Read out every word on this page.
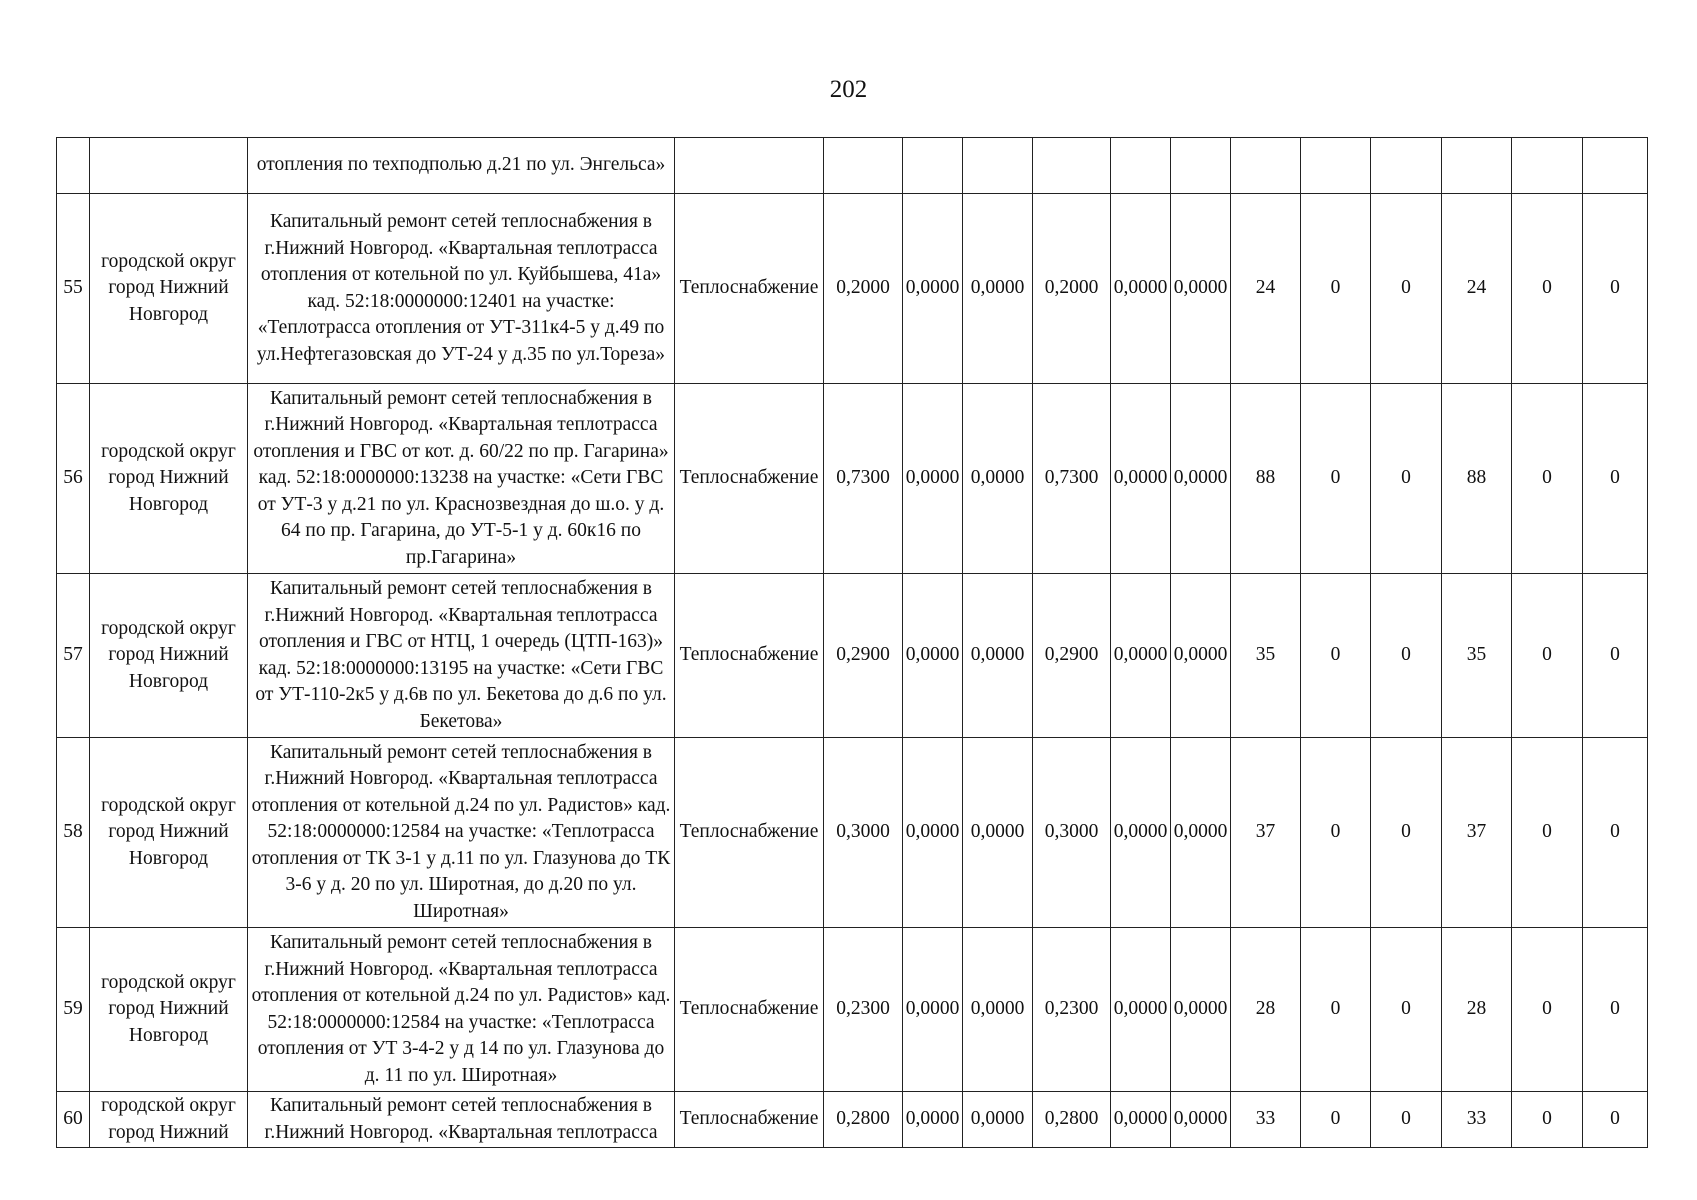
202
		отопления по техподполью д.21 по ул. Энгельса»													
55	городской округ город Нижний Новгород	Капитальный ремонт сетей теплоснабжения в г.Нижний Новгород. «Квартальная теплотрасса отопления от котельной по ул. Куйбышева, 41а» кад. 52:18:0000000:12401 на участке: «Теплотрасса отопления от УТ-311к4-5 у д.49 по ул.Нефтегазовская до УТ-24 у д.35 по ул.Тореза»	Теплоснабжение	0,2000	0,0000	0,0000	0,2000	0,0000	0,0000	24	0	0	24	0	0
56	городской округ город Нижний Новгород	Капитальный ремонт сетей теплоснабжения в г.Нижний Новгород. «Квартальная теплотрасса отопления и ГВС от кот. д. 60/22 по пр. Гагарина» кад. 52:18:0000000:13238 на участке: «Сети ГВС от УТ-3 у д.21 по ул. Краснозвездная до ш.о. у д. 64 по пр. Гагарина, до УТ-5-1 у д. 60к16 по пр.Гагарина»	Теплоснабжение	0,7300	0,0000	0,0000	0,7300	0,0000	0,0000	88	0	0	88	0	0
57	городской округ город Нижний Новгород	Капитальный ремонт сетей теплоснабжения в г.Нижний Новгород. «Квартальная теплотрасса отопления и ГВС от НТЦ, 1 очередь (ЦТП-163)» кад. 52:18:0000000:13195 на участке: «Сети ГВС от УТ-110-2к5 у д.6в по ул. Бекетова до д.6 по ул. Бекетова»	Теплоснабжение	0,2900	0,0000	0,0000	0,2900	0,0000	0,0000	35	0	0	35	0	0
58	городской округ город Нижний Новгород	Капитальный ремонт сетей теплоснабжения в г.Нижний Новгород. «Квартальная теплотрасса отопления от котельной д.24 по ул. Радистов» кад. 52:18:0000000:12584 на участке: «Теплотрасса отопления от ТК 3-1 у д.11 по ул. Глазунова до ТК 3-6 у д. 20 по ул. Широтная, до д.20 по ул. Широтная»	Теплоснабжение	0,3000	0,0000	0,0000	0,3000	0,0000	0,0000	37	0	0	37	0	0
59	городской округ город Нижний Новгород	Капитальный ремонт сетей теплоснабжения в г.Нижний Новгород. «Квартальная теплотрасса отопления от котельной д.24 по ул. Радистов» кад. 52:18:0000000:12584 на участке: «Теплотрасса отопления от УТ 3-4-2 у д 14 по ул. Глазунова до д. 11 по ул. Широтная»	Теплоснабжение	0,2300	0,0000	0,0000	0,2300	0,0000	0,0000	28	0	0	28	0	0
60	городской округ город Нижний	Капитальный ремонт сетей теплоснабжения в г.Нижний Новгород. «Квартальная теплотрасса	Теплоснабжение	0,2800	0,0000	0,0000	0,2800	0,0000	0,0000	33	0	0	33	0	0
